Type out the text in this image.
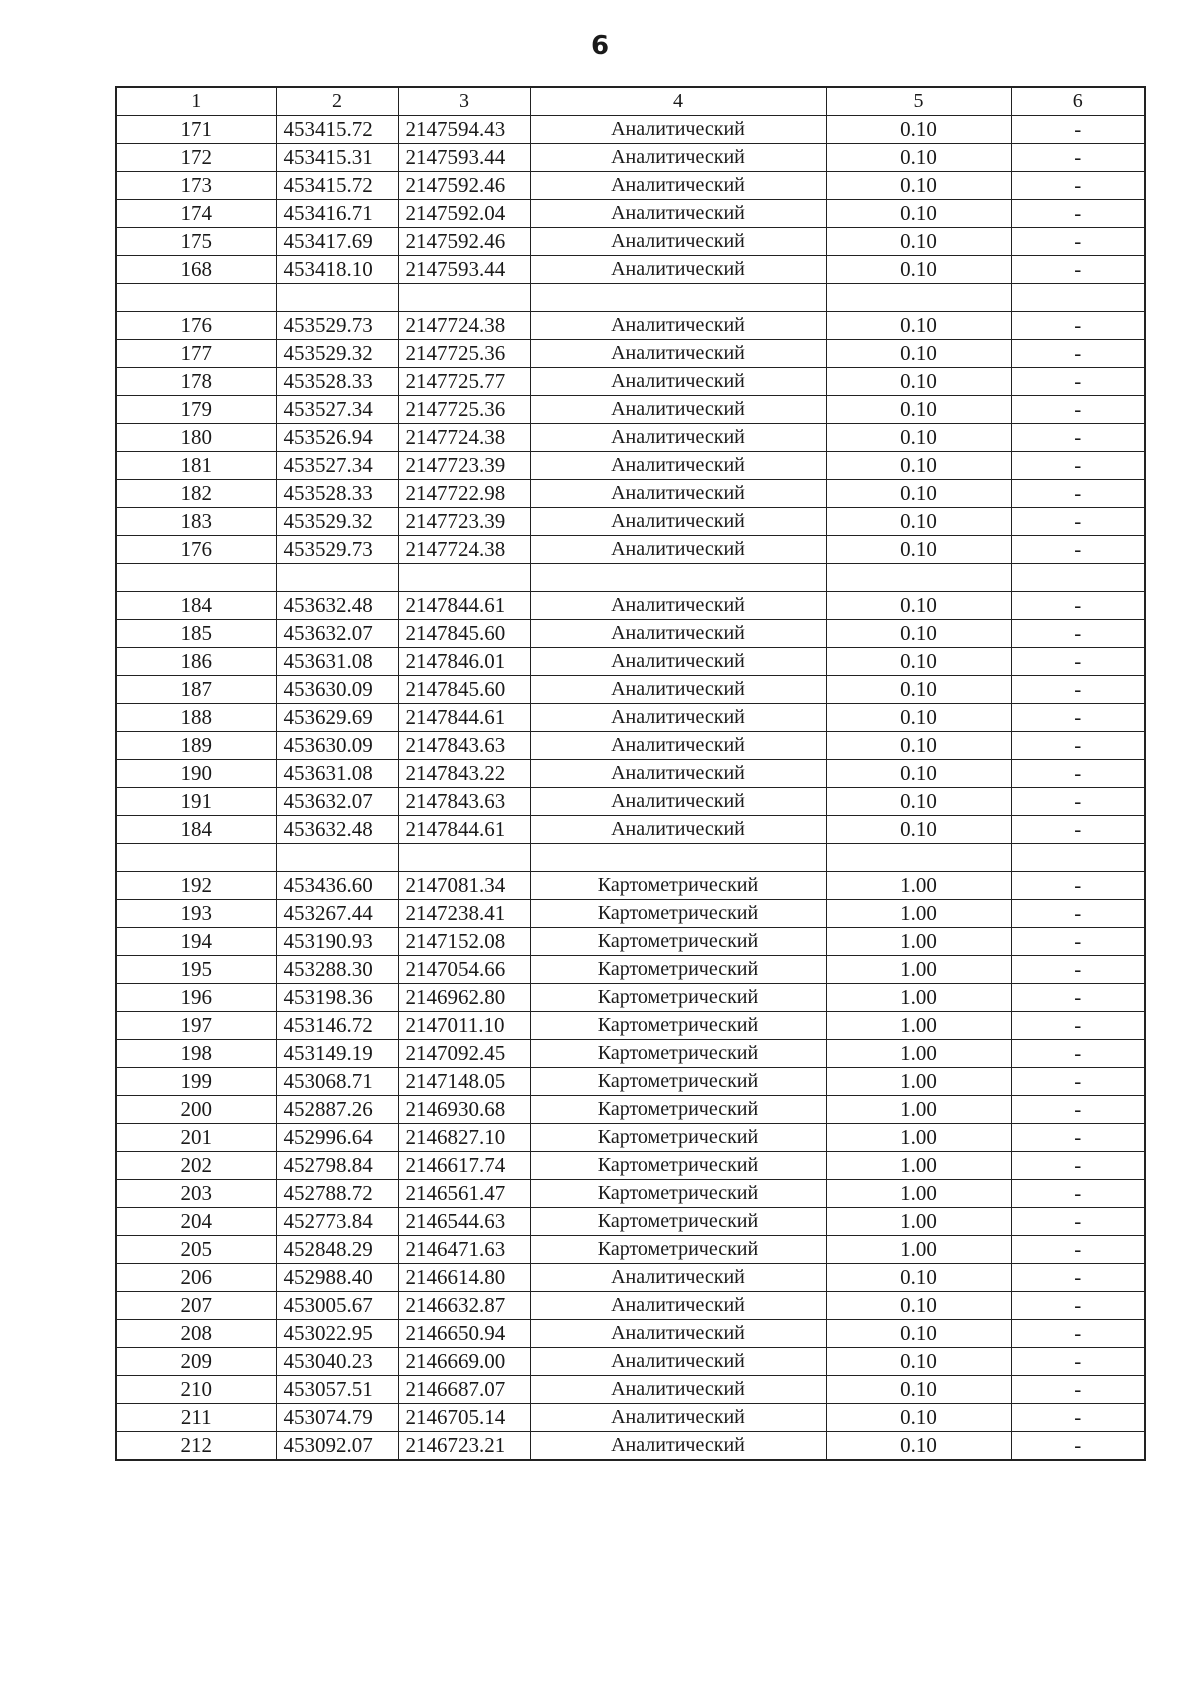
6
1	2	3	4	5	6
171	453415.72	2147594.43	Аналитический	0.10	-
172	453415.31	2147593.44	Аналитический	0.10	-
173	453415.72	2147592.46	Аналитический	0.10	-
174	453416.71	2147592.04	Аналитический	0.10	-
175	453417.69	2147592.46	Аналитический	0.10	-
168	453418.10	2147593.44	Аналитический	0.10	-

176	453529.73	2147724.38	Аналитический	0.10	-
177	453529.32	2147725.36	Аналитический	0.10	-
178	453528.33	2147725.77	Аналитический	0.10	-
179	453527.34	2147725.36	Аналитический	0.10	-
180	453526.94	2147724.38	Аналитический	0.10	-
181	453527.34	2147723.39	Аналитический	0.10	-
182	453528.33	2147722.98	Аналитический	0.10	-
183	453529.32	2147723.39	Аналитический	0.10	-
176	453529.73	2147724.38	Аналитический	0.10	-

184	453632.48	2147844.61	Аналитический	0.10	-
185	453632.07	2147845.60	Аналитический	0.10	-
186	453631.08	2147846.01	Аналитический	0.10	-
187	453630.09	2147845.60	Аналитический	0.10	-
188	453629.69	2147844.61	Аналитический	0.10	-
189	453630.09	2147843.63	Аналитический	0.10	-
190	453631.08	2147843.22	Аналитический	0.10	-
191	453632.07	2147843.63	Аналитический	0.10	-
184	453632.48	2147844.61	Аналитический	0.10	-

192	453436.60	2147081.34	Картометрический	1.00	-
193	453267.44	2147238.41	Картометрический	1.00	-
194	453190.93	2147152.08	Картометрический	1.00	-
195	453288.30	2147054.66	Картометрический	1.00	-
196	453198.36	2146962.80	Картометрический	1.00	-
197	453146.72	2147011.10	Картометрический	1.00	-
198	453149.19	2147092.45	Картометрический	1.00	-
199	453068.71	2147148.05	Картометрический	1.00	-
200	452887.26	2146930.68	Картометрический	1.00	-
201	452996.64	2146827.10	Картометрический	1.00	-
202	452798.84	2146617.74	Картометрический	1.00	-
203	452788.72	2146561.47	Картометрический	1.00	-
204	452773.84	2146544.63	Картометрический	1.00	-
205	452848.29	2146471.63	Картометрический	1.00	-
206	452988.40	2146614.80	Аналитический	0.10	-
207	453005.67	2146632.87	Аналитический	0.10	-
208	453022.95	2146650.94	Аналитический	0.10	-
209	453040.23	2146669.00	Аналитический	0.10	-
210	453057.51	2146687.07	Аналитический	0.10	-
211	453074.79	2146705.14	Аналитический	0.10	-
212	453092.07	2146723.21	Аналитический	0.10	-
